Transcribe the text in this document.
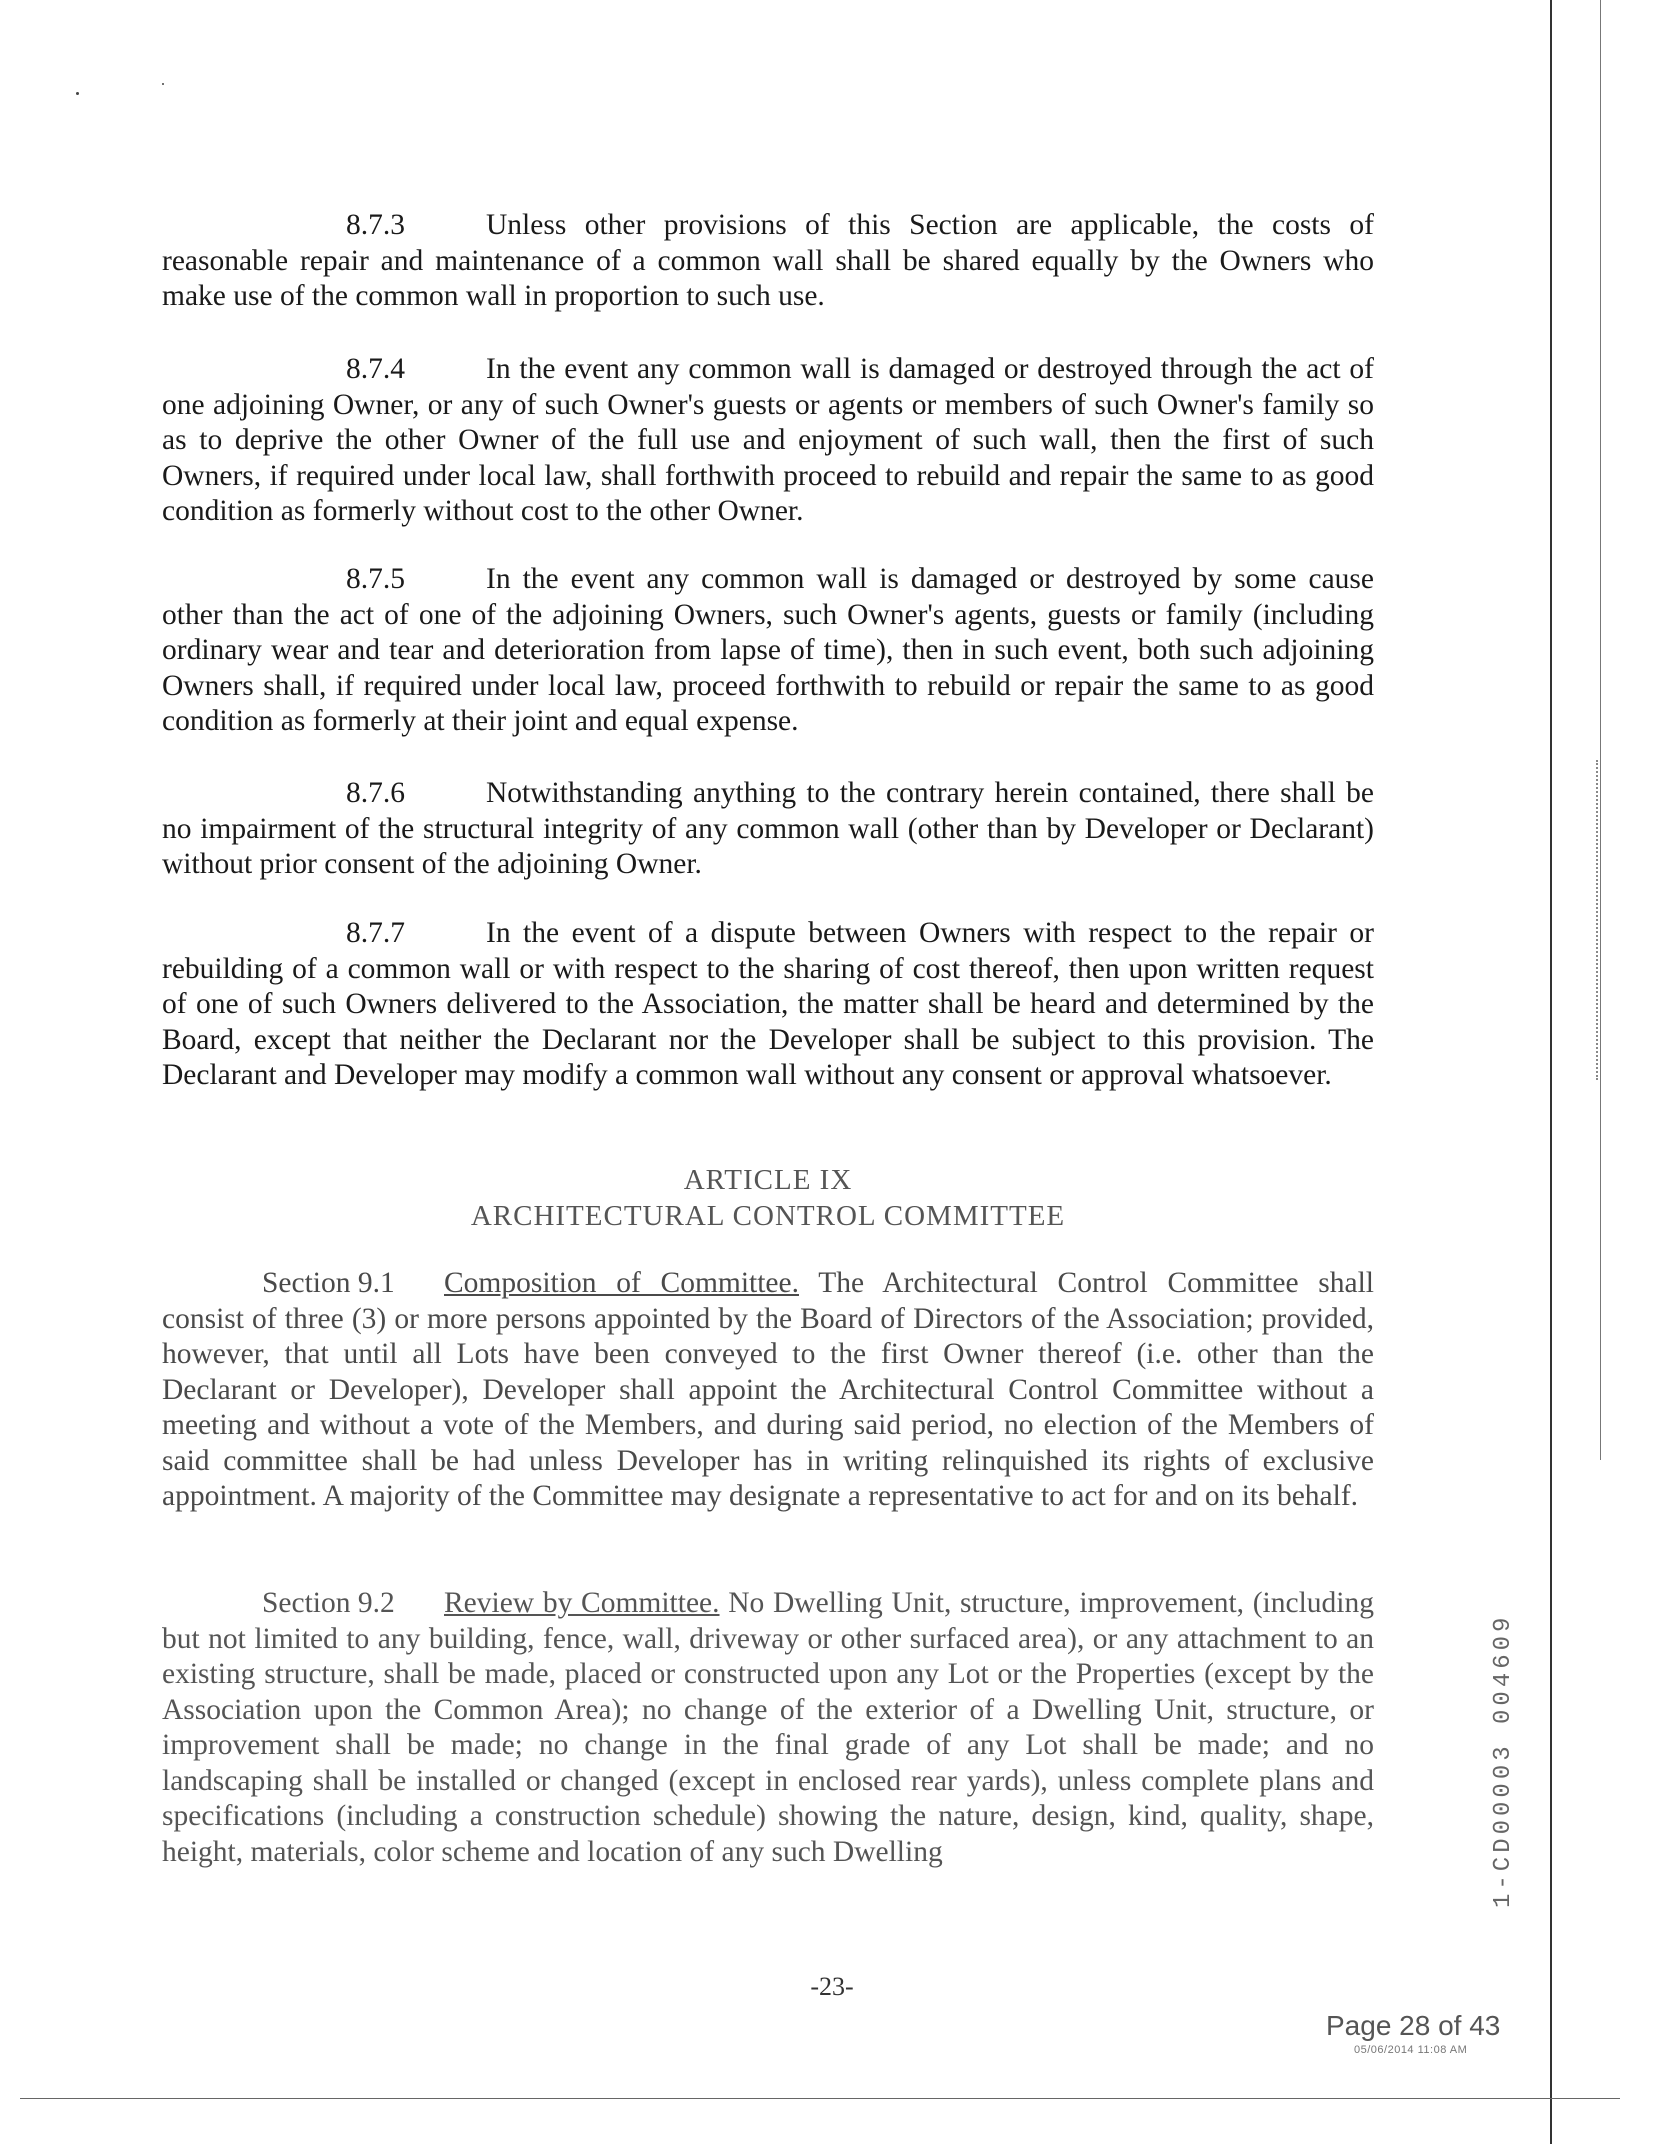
8.7.3	Unless other provisions of this Section are applicable, the costs of reasonable repair and maintenance of a common wall shall be shared equally by the Owners who make use of the common wall in proportion to such use.

8.7.4	In the event any common wall is damaged or destroyed through the act of one adjoining Owner, or any of such Owner's guests or agents or members of such Owner's family so as to deprive the other Owner of the full use and enjoyment of such wall, then the first of such Owners, if required under local law, shall forthwith proceed to rebuild and repair the same to as good condition as formerly without cost to the other Owner.

8.7.5	In the event any common wall is damaged or destroyed by some cause other than the act of one of the adjoining Owners, such Owner's agents, guests or family (including ordinary wear and tear and deterioration from lapse of time), then in such event, both such adjoining Owners shall, if required under local law, proceed forthwith to rebuild or repair the same to as good condition as formerly at their joint and equal expense.

8.7.6	Notwithstanding anything to the contrary herein contained, there shall be no impairment of the structural integrity of any common wall (other than by Developer or Declarant) without prior consent of the adjoining Owner.

8.7.7	In the event of a dispute between Owners with respect to the repair or rebuilding of a common wall or with respect to the sharing of cost thereof, then upon written request of one of such Owners delivered to the Association, the matter shall be heard and determined by the Board, except that neither the Declarant nor the Developer shall be subject to this provision. The Declarant and Developer may modify a common wall without any consent or approval whatsoever.

ARTICLE IX
ARCHITECTURAL CONTROL COMMITTEE

Section 9.1 Composition of Committee. The Architectural Control Committee shall consist of three (3) or more persons appointed by the Board of Directors of the Association; provided, however, that until all Lots have been conveyed to the first Owner thereof (i.e. other than the Declarant or Developer), Developer shall appoint the Architectural Control Committee without a meeting and without a vote of the Members, and during said period, no election of the Members of said committee shall be had unless Developer has in writing relinquished its rights of exclusive appointment. A majority of the Committee may designate a representative to act for and on its behalf.

Section 9.2 Review by Committee. No Dwelling Unit, structure, improvement, (including but not limited to any building, fence, wall, driveway or other surfaced area), or any attachment to an existing structure, shall be made, placed or constructed upon any Lot or the Properties (except by the Association upon the Common Area); no change of the exterior of a Dwelling Unit, structure, or improvement shall be made; no change in the final grade of any Lot shall be made; and no landscaping shall be installed or changed (except in enclosed rear yards), unless complete plans and specifications (including a construction schedule) showing the nature, design, kind, quality, shape, height, materials, color scheme and location of any such Dwelling	1-CD00003 004609
-23-
Page 28 of 43
05/06/2014 11:08 AM
